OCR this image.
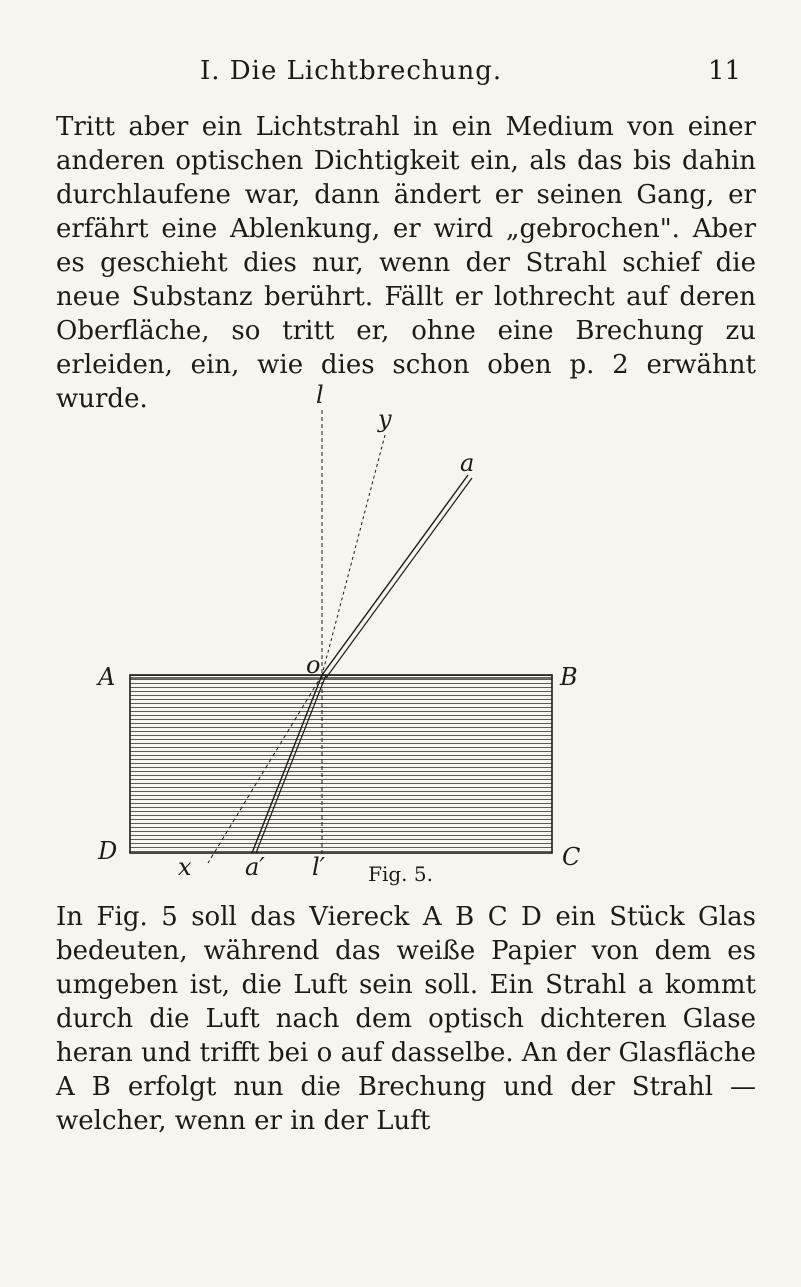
I. Die Lichtbrechung.	11

Tritt aber ein Lichtstrahl in ein Medium von einer anderen optischen Dichtigkeit ein, als das bis dahin durchlaufene war, dann ändert er seinen Gang, er erfährt eine Ablenkung, er wird „gebrochen". Aber es geschieht dies nur, wenn der Strahl schief die neue Substanz berührt. Fällt er lothrecht auf deren Oberfläche, so tritt er, ohne eine Brechung zu erleiden, ein, wie dies schon oben p. 2 erwähnt wurde.	l
y
a
o
A	B
D	C
x a′ l′	Fig. 5.

In Fig. 5 soll das Viereck A B C D ein Stück Glas bedeuten, während das weiße Papier von dem es umgeben ist, die Luft sein soll. Ein Strahl a kommt durch die Luft nach dem optisch dichteren Glase heran und trifft bei o auf dasselbe. An der Glasfläche A B erfolgt nun die Brechung und der Strahl — welcher, wenn er in der Luft
